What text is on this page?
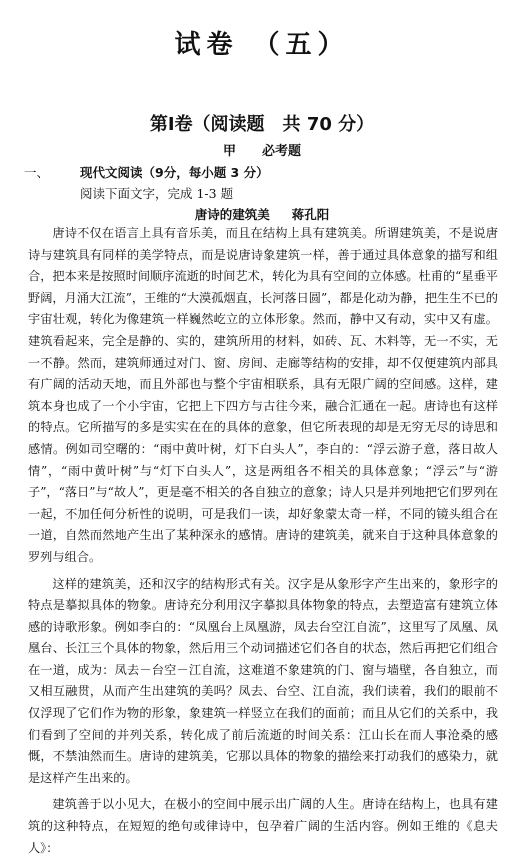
试卷 （五）
第Ⅰ卷（阅读题　共 70 分）
甲　　必考题
一、 现代文阅读（9分，每小题 3 分）
阅读下面文字，完成 1-3 题
唐诗的建筑美 蒋孔阳

唐诗不仅在语言上具有音乐美，而且在结构上具有建筑美。所谓建筑美，不是说唐诗与建筑具有同样的美学特点，而是说唐诗象建筑一样，善于通过具体意象的描写和组合，把本来是按照时间顺序流逝的时间艺术，转化为具有空间的立体感。杜甫的“星垂平野阔，月涌大江流”，王维的“大漠孤烟直，长河落日圆”，都是化动为静，把生生不已的宇宙壮观，转化为像建筑一样巍然屹立的立体形象。然而，静中又有动，实中又有虚。建筑看起来，完全是静的、实的，建筑所用的材料，如砖、瓦、木料等，无一不实，无一不静。然而，建筑师通过对门、窗、房间、走廊等结构的安排，却不仅便建筑内部具有广阔的活动天地，而且外部也与整个宇宙相联系，具有无限广阔的空间感。这样，建筑本身也成了一个小宇宙，它把上下四方与古往今来，融合汇通在一起。唐诗也有这样的特点。它所描写的多是实实在在的具体的意象，但它所表现的却是无穷无尽的诗思和感情。例如司空曙的：“雨中黄叶树，灯下白头人”，李白的：“浮云游子意，落日故人情”，“雨中黄叶树”与“灯下白头人”，这是两组各不相关的具体意象；“浮云”与“游子”，“落日”与“故人”，更是毫不相关的各自独立的意象；诗人只是并列地把它们罗列在一起，不加任何分析性的说明，可是我们一读，却好象蒙太奇一样，不同的镜头组合在一道，自然而然地产生出了某种深永的感情。唐诗的建筑美，就来自于这种具体意象的罗列与组合。

这样的建筑美，还和汉字的结构形式有关。汉字是从象形字产生出来的，象形字的特点是摹拟具体的物象。唐诗充分利用汉字摹拟具体物象的特点，去塑造富有建筑立体感的诗歌形象。例如李白的：“凤凰台上凤凰游，凤去台空江自流”，这里写了凤凰、凤凰台、长江三个具体的物象，然后用三个动词描述它们各自的状态，然后再把它们组合在一道，成为：凤去－台空－江自流，这难道不象建筑的门、窗与墙壁，各自独立，而又相互融贯，从而产生出建筑的美吗？凤去、台空、江自流，我们读着，我们的眼前不仅浮现了它们作为物的形象，象建筑一样竖立在我们的面前；而且从它们的关系中，我们看到了空间的并列关系，转化成了前后流逝的时间关系：江山长在而人事沧桑的感慨，不禁油然而生。唐诗的建筑美，它那以具体的物象的描绘来打动我们的感染力，就是这样产生出来的。

建筑善于以小见大，在极小的空间中展示出广阔的人生。唐诗在结构上，也具有建筑的这种特点，在短短的绝句或律诗中，包孕着广阔的生活内容。例如王维的《息夫人》：
